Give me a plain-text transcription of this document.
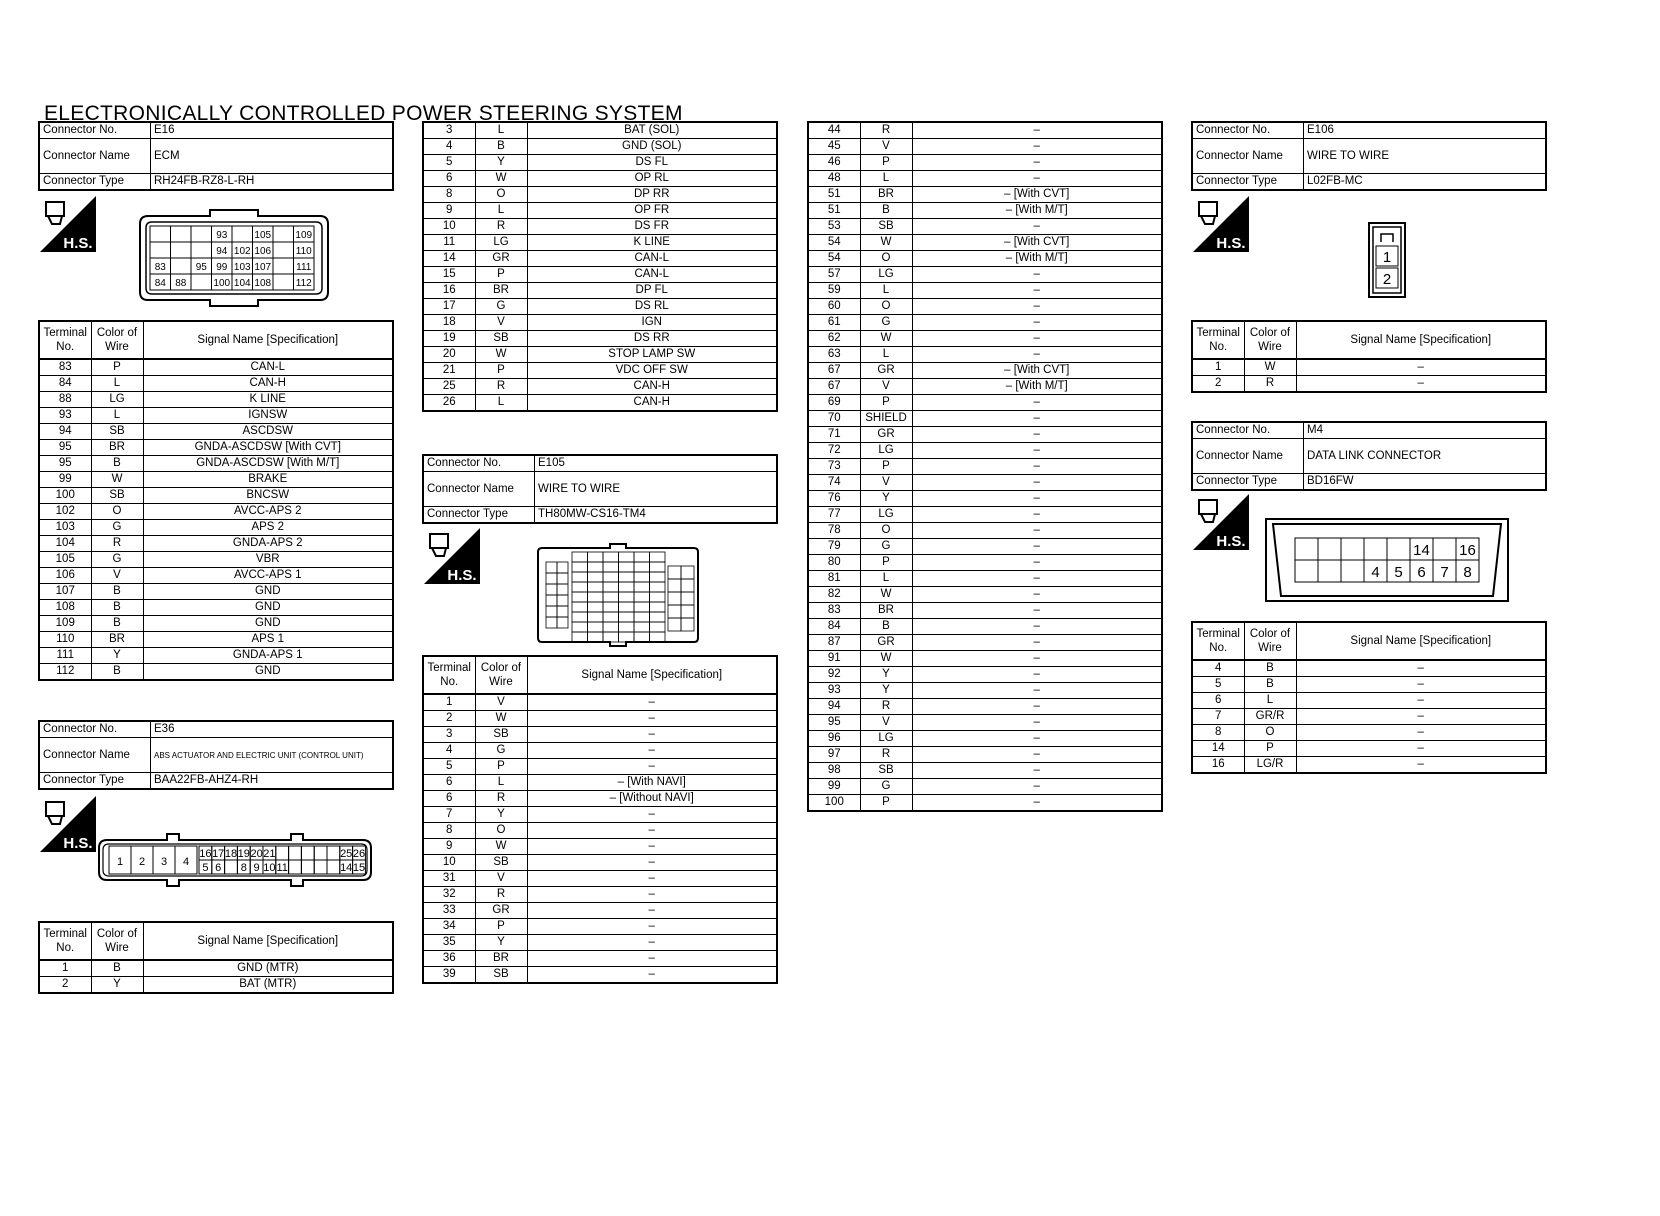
ELECTRONICALLY CONTROLLED POWER STEERING SYSTEM
Connector No.	E16
Connector Name	ECM
Connector Type	RH24FB-RZ8-L-RH
H.S.	93	105 109
94 102 106 110
83	95 99 103 107	111
84 88	100 104 108 112
Terminal No.	Color of Wire	Signal Name [Specification]
83	P	CAN-L
84	L	CAN-H
88	LG	K LINE
93	L	IGNSW
94	SB	ASCDSW
95	BR	GNDA-ASCDSW [With CVT]
95	B	GNDA-ASCDSW [With M/T]
99	W	BRAKE
100	SB	BNCSW
102	O	AVCC-APS 2
103	G	APS 2
104	R	GNDA-APS 2
105	G	VBR
106	V	AVCC-APS 1
107	B	GND
108	B	GND
109	B	GND
110	BR	APS 1
111	Y	GNDA-APS 1
112	B	GND
Connector No.	E36
Connector Name	ABS ACTUATOR AND ELECTRIC UNIT (CONTROL UNIT)
Connector Type	BAA22FB-AHZ4-RH
H.S.
1 2 3 4
16 17 18 19 20 21	25 26
5 6 8 9 10 11	14 15
Terminal No.	Color of Wire	Signal Name [Specification]
1	B	GND (MTR)
2	Y	BAT (MTR)
3	L	BAT (SOL)
4	B	GND (SOL)
5	Y	DS FL
6	W	OP RL
8	O	DP RR
9	L	OP FR
10	R	DS FR
11	LG	K LINE
14	GR	CAN-L
15	P	CAN-L
16	BR	DP FL
17	G	DS RL
18	V	IGN
19	SB	DS RR
20	W	STOP LAMP SW
21	P	VDC OFF SW
25	R	CAN-H
26	L	CAN-H
Connector No.	E105
Connector Name	WIRE TO WIRE
Connector Type	TH80MW-CS16-TM4
H.S.
Terminal No.	Color of Wire	Signal Name [Specification]
1	V	–
2	W	–
3	SB	–
4	G	–
5	P	–
6	L	– [With NAVI]
6	R	– [Without NAVI]
7	Y	–
8	O	–
9	W	–
10	SB	–
31	V	–
32	R	–
33	GR	–
34	P	–
35	Y	–
36	BR	–
39	SB	–
44	R	–
45	V	–
46	P	–
48	L	–
51	BR	– [With CVT]
51	B	– [With M/T]
53	SB	–
54	W	– [With CVT]
54	O	– [With M/T]
57	LG	–
59	L	–
60	O	–
61	G	–
62	W	–
63	L	–
67	GR	– [With CVT]
67	V	– [With M/T]
69	P	–
70	SHIELD	–
71	GR	–
72	LG	–
73	P	–
74	V	–
76	Y	–
77	LG	–
78	O	–
79	G	–
80	P	–
81	L	–
82	W	–
83	BR	–
84	B	–
87	GR	–
91	W	–
92	Y	–
93	Y	–
94	R	–
95	V	–
96	LG	–
97	R	–
98	SB	–
99	G	–
100	P	–
Connector No.	E106
Connector Name	WIRE TO WIRE
Connector Type	L02FB-MC
H.S.
1
2
Terminal No.	Color of Wire	Signal Name [Specification]
1	W	–
2	R	–
Connector No.	M4
Connector Name	DATA LINK CONNECTOR
Connector Type	BD16FW
H.S.
14 16
4 5 6 7 8
Terminal No.	Color of Wire	Signal Name [Specification]
4	B	–
5	B	–
6	L	–
7	GR/R	–
8	O	–
14	P	–
16	LG/R	–
